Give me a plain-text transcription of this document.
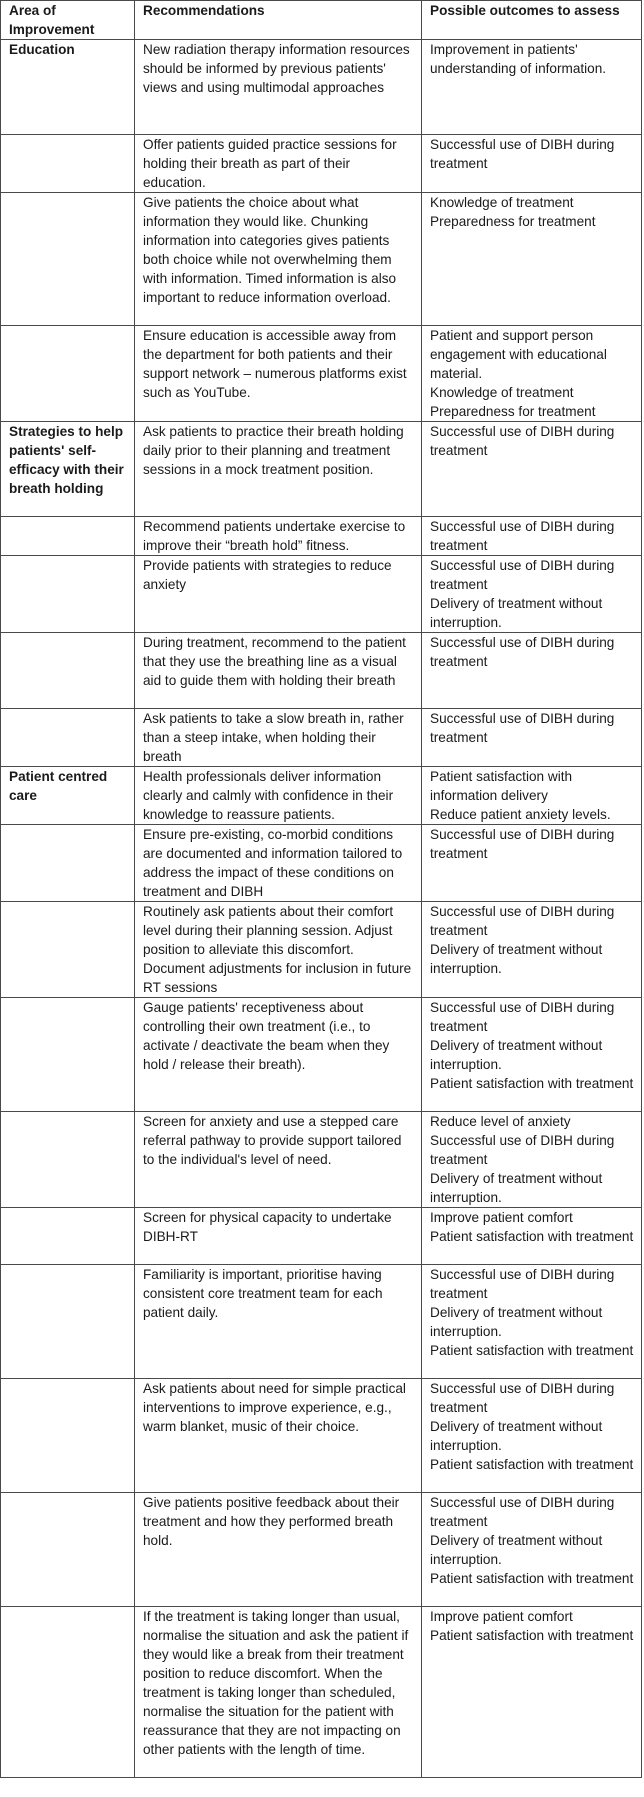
Area of Improvement	Recommendations	Possible outcomes to assess
Education	New radiation therapy information resources should be informed by previous patients' views and using multimodal approaches	Improvement in patients' understanding of information.

	Offer patients guided practice sessions for holding their breath as part of their education.	Successful use of DIBH during treatment

	Give patients the choice about what information they would like. Chunking information into categories gives patients both choice while not overwhelming them with information. Timed information is also important to reduce information overload.	Knowledge of treatment
Preparedness for treatment

	Ensure education is accessible away from the department for both patients and their support network – numerous platforms exist such as YouTube.	Patient and support person engagement with educational material.
Knowledge of treatment
Preparedness for treatment

Strategies to help patients' self-efficacy with their breath holding	Ask patients to practice their breath holding daily prior to their planning and treatment sessions in a mock treatment position.	Successful use of DIBH during treatment

	Recommend patients undertake exercise to improve their “breath hold” fitness.	Successful use of DIBH during treatment

	Provide patients with strategies to reduce anxiety	Successful use of DIBH during treatment
Delivery of treatment without interruption.

	During treatment, recommend to the patient that they use the breathing line as a visual aid to guide them with holding their breath	Successful use of DIBH during treatment

	Ask patients to take a slow breath in, rather than a steep intake, when holding their breath	Successful use of DIBH during treatment

Patient centred care	Health professionals deliver information clearly and calmly with confidence in their knowledge to reassure patients.	Patient satisfaction with information delivery
Reduce patient anxiety levels.

	Ensure pre-existing, co-morbid conditions are documented and information tailored to address the impact of these conditions on treatment and DIBH	Successful use of DIBH during treatment

	Routinely ask patients about their comfort level during their planning session. Adjust position to alleviate this discomfort. Document adjustments for inclusion in future RT sessions	Successful use of DIBH during treatment
Delivery of treatment without interruption.

	Gauge patients' receptiveness about controlling their own treatment (i.e., to activate / deactivate the beam when they hold / release their breath).	Successful use of DIBH during treatment
Delivery of treatment without interruption.
Patient satisfaction with treatment

	Screen for anxiety and use a stepped care referral pathway to provide support tailored to the individual's level of need.	Reduce level of anxiety
Successful use of DIBH during treatment
Delivery of treatment without interruption.

	Screen for physical capacity to undertake DIBH-RT	Improve patient comfort
Patient satisfaction with treatment

	Familiarity is important, prioritise having consistent core treatment team for each patient daily.	Successful use of DIBH during treatment
Delivery of treatment without interruption.
Patient satisfaction with treatment

	Ask patients about need for simple practical interventions to improve experience, e.g., warm blanket, music of their choice.	Successful use of DIBH during treatment
Delivery of treatment without interruption.
Patient satisfaction with treatment

	Give patients positive feedback about their treatment and how they performed breath hold.	Successful use of DIBH during treatment
Delivery of treatment without interruption.
Patient satisfaction with treatment

	If the treatment is taking longer than usual, normalise the situation and ask the patient if they would like a break from their treatment position to reduce discomfort. When the treatment is taking longer than scheduled, normalise the situation for the patient with reassurance that they are not impacting on other patients with the length of time.	Improve patient comfort
Patient satisfaction with treatment
